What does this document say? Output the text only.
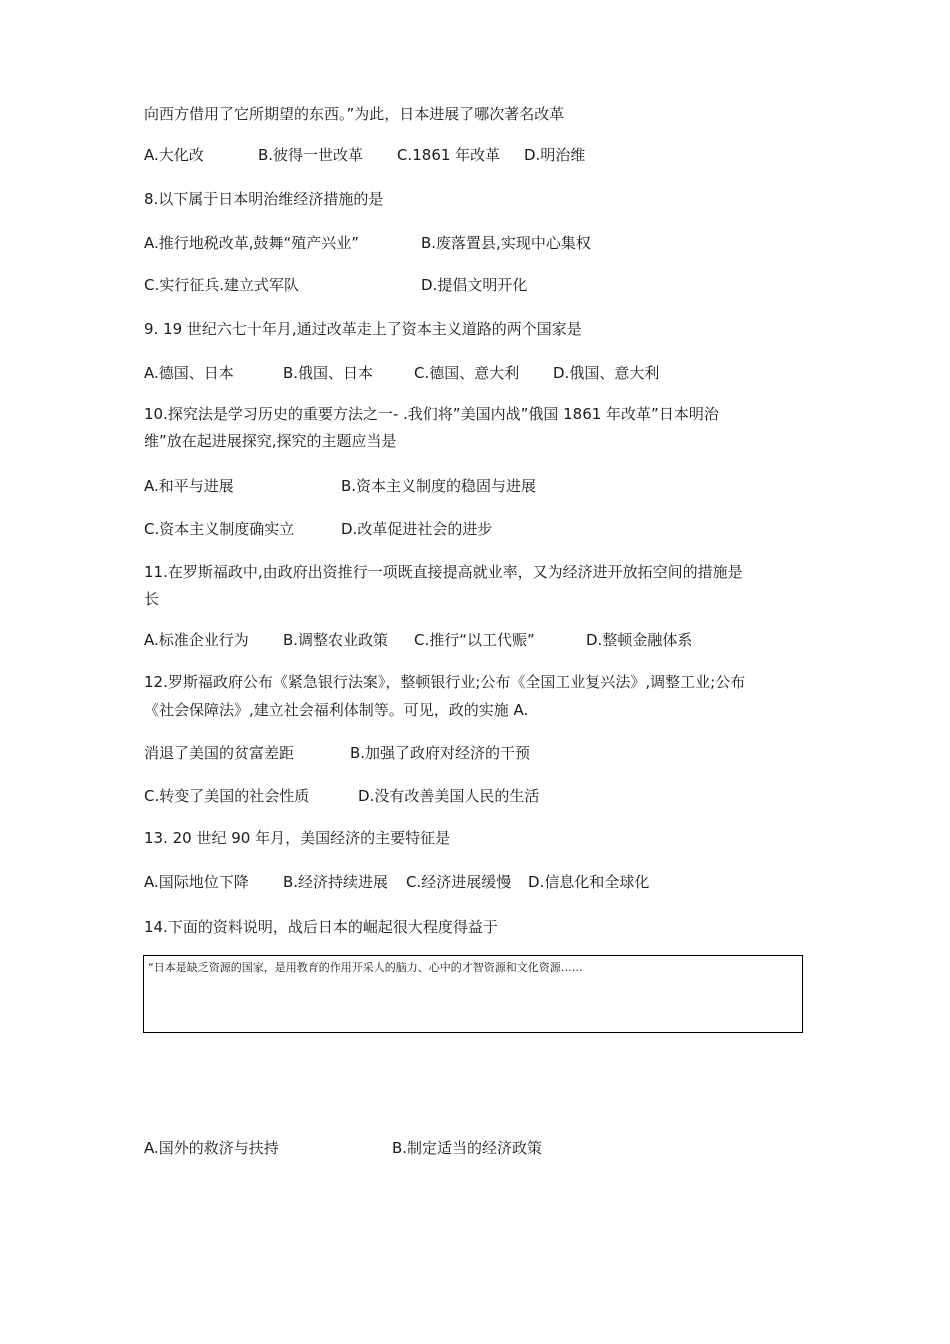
向西方借用了它所期望的东西。”为此，日本进展了哪次著名改革
A.大化改	B.彼得一世改革 C.1861 年改革 D.明治维
8.以下属于日本明治维经济措施的是
A.推行地税改革,鼓舞“殖产兴业”	B.废落置县,实现中心集权
C.实行征兵.建立式军队	D.提倡文明开化
9. 19 世纪六七十年月,通过改革走上了资本主义道路的两个国家是
A.德国、日本	B.俄国、日本	C.德国、意大利 D.俄国、意大利
10.探究法是学习历史的重要方法之一- .我们将”美国内战”俄国 1861 年改革”日本明治
维”放在起进展探究,探究的主题应当是
A.和平与进展	B.资本主义制度的稳固与进展
C.资本主义制度确实立	D.改革促进社会的进步
11.在罗斯福政中,由政府出资推行一项既直接提高就业率，又为经济进开放拓空间的措施是
长
A.标准企业行为 B.调整农业政策 C.推行“以工代赈”	D.整顿金融体系
12.罗斯福政府公布《紧急银行法案》，整顿银行业;公布《全国工业复兴法》,调整工业;公布
《社会保障法》,建立社会福利体制等。可见，政的实施 A.
消退了美国的贫富差距	B.加强了政府对经济的干预
C.转变了美国的社会性质	D.没有改善美国人民的生活
13. 20 世纪 90 年月，美国经济的主要特征是
A.国际地位下降 B.经济持续进展 C.经济进展缓慢 D.信息化和全球化
14.下面的资料说明，战后日本的崛起很大程度得益于
“日本是缺乏资源的国家，是用教育的作用开采人的脑力、心中的才智资源和文化资源……
A.国外的救济与扶持	B.制定适当的经济政策
